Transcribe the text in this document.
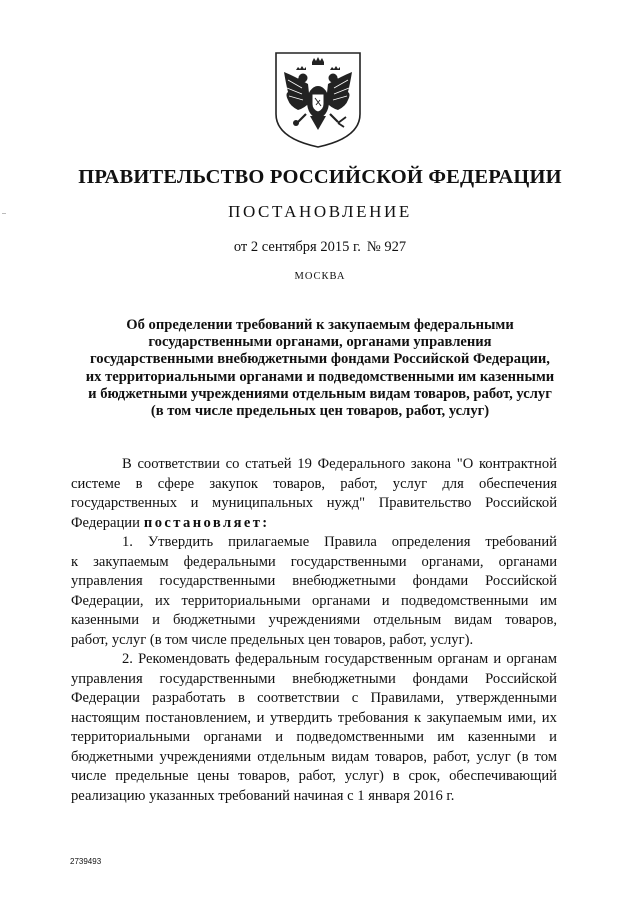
ПРАВИТЕЛЬСТВО РОССИЙСКОЙ ФЕДЕРАЦИИ
ПОСТАНОВЛЕНИЕ
от 2 сентября 2015 г. № 927
МОСКВА
Об определении требований к закупаемым федеральными
государственными органами, органами управления
государственными внебюджетными фондами Российской Федерации,
их территориальными органами и подведомственными им казенными
и бюджетными учреждениями отдельным видам товаров, работ, услуг
(в том числе предельных цен товаров, работ, услуг)
В соответствии со статьей 19 Федерального закона "О контрактной
системе в сфере закупок товаров, работ, услуг для обеспечения
государственных и муниципальных нужд" Правительство Российской
Федерации постановляет:
1. Утвердить прилагаемые Правила определения требований
к закупаемым федеральными государственными органами, органами
управления государственными внебюджетными фондами Российской
Федерации, их территориальными органами и подведомственными им
казенными и бюджетными учреждениями отдельным видам товаров,
работ, услуг (в том числе предельных цен товаров, работ, услуг).
2. Рекомендовать федеральным государственным органам и органам
управления государственными внебюджетными фондами Российской
Федерации разработать в соответствии с Правилами, утвержденными
настоящим постановлением, и утвердить требования к закупаемым ими, их
территориальными органами и подведомственными им казенными и
бюджетными учреждениями отдельным видам товаров, работ, услуг (в том
числе предельные цены товаров, работ, услуг) в срок, обеспечивающий
реализацию указанных требований начиная с 1 января 2016 г.
2739493
